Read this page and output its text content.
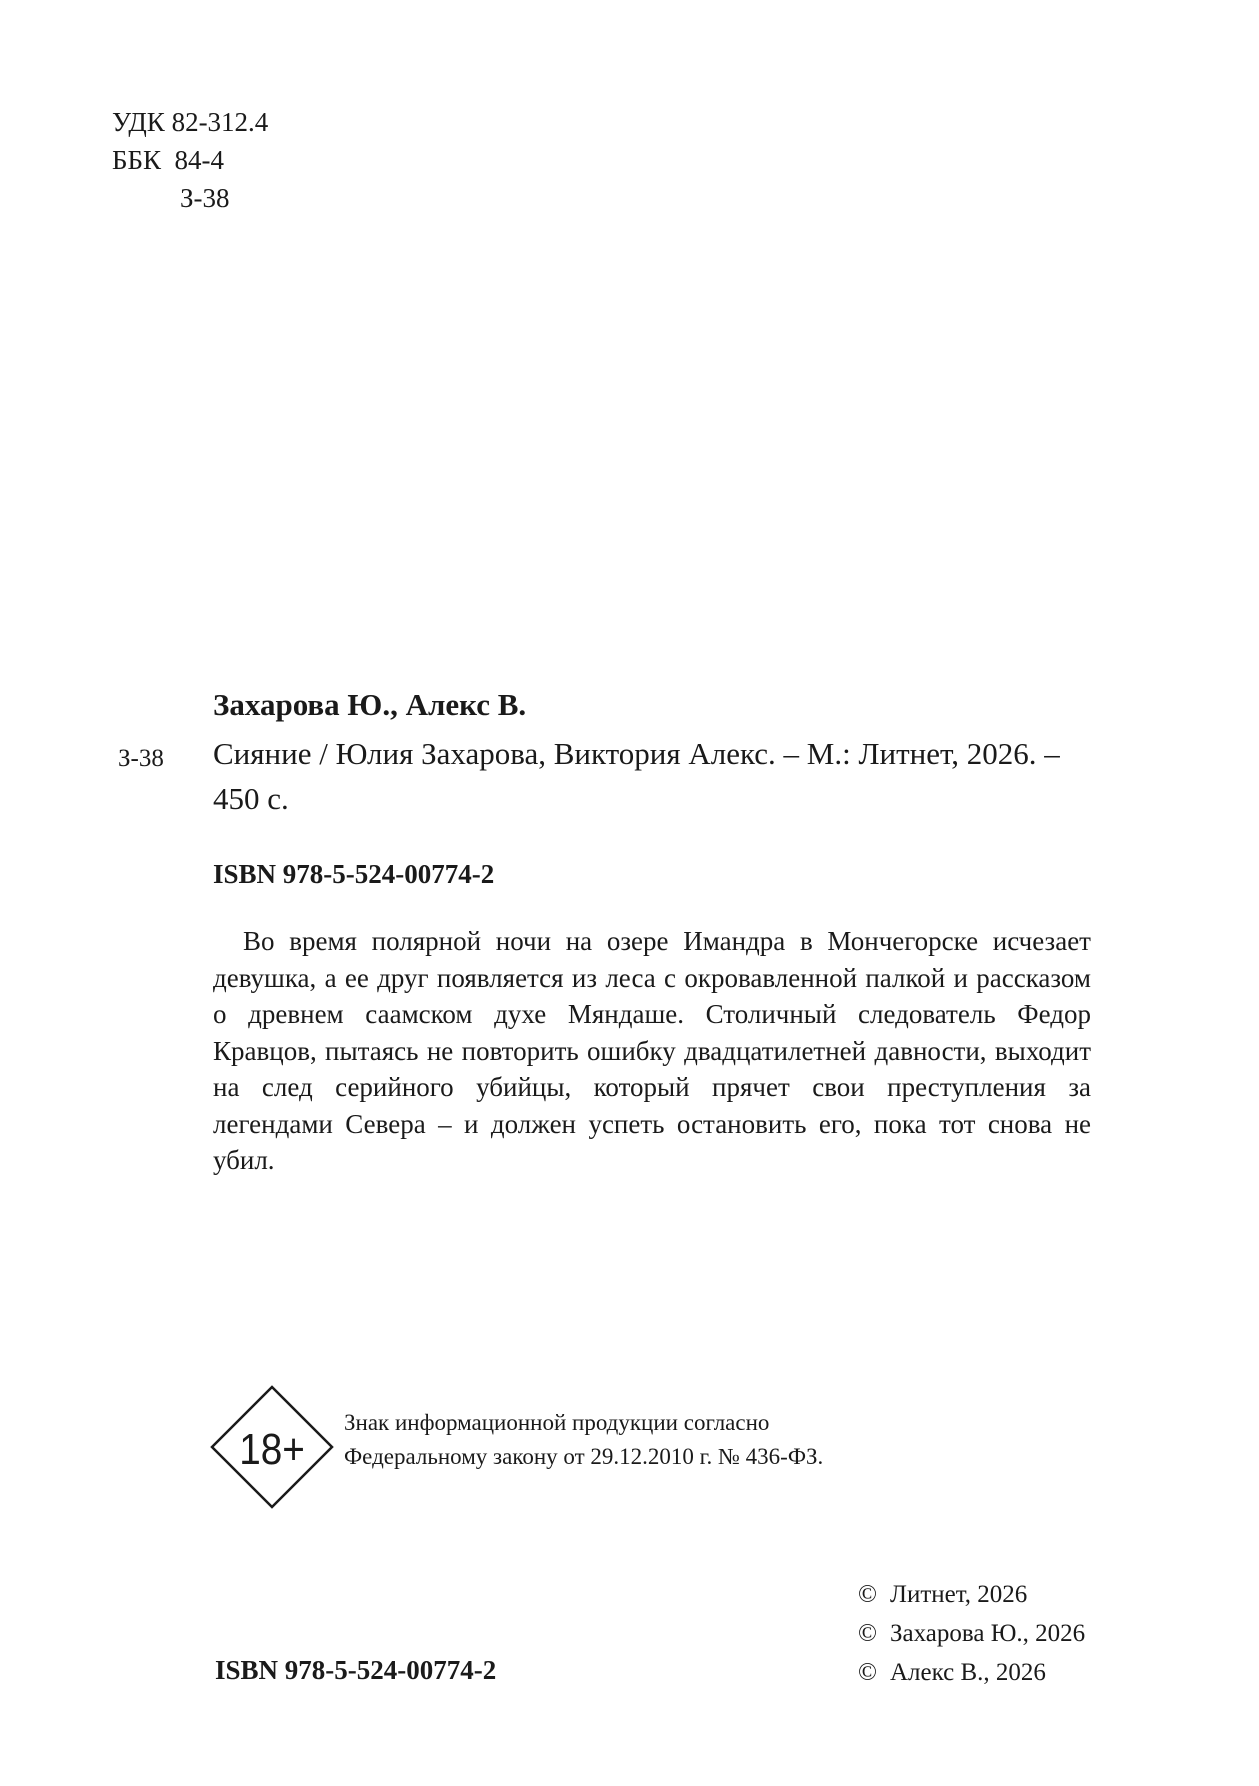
УДК 82-312.4
ББК  84-4
З-38
Захарова Ю., Алекс В.
З-38 Сияние / Юлия Захарова, Виктория Алекс. – М.: Литнет, 2026. – 450 с.
ISBN 978-5-524-00774-2
Во время полярной ночи на озере Имандра в Мончегорске исчезает девушка, а ее друг появляется из леса с окровавленной палкой и рассказом о древнем саамском духе Мяндаше. Столичный следователь Федор Кравцов, пытаясь не повторить ошибку двадцатилетней давности, выходит на след серийного убийцы, который прячет свои преступления за легендами Севера – и должен успеть остановить его, пока тот снова не убил.
18+
Знак информационной продукции согласно
Федеральному закону от 29.12.2010 г. № 436-ФЗ.
ISBN 978-5-524-00774-2
© Литнет, 2026
© Захарова Ю., 2026
© Алекс В., 2026
